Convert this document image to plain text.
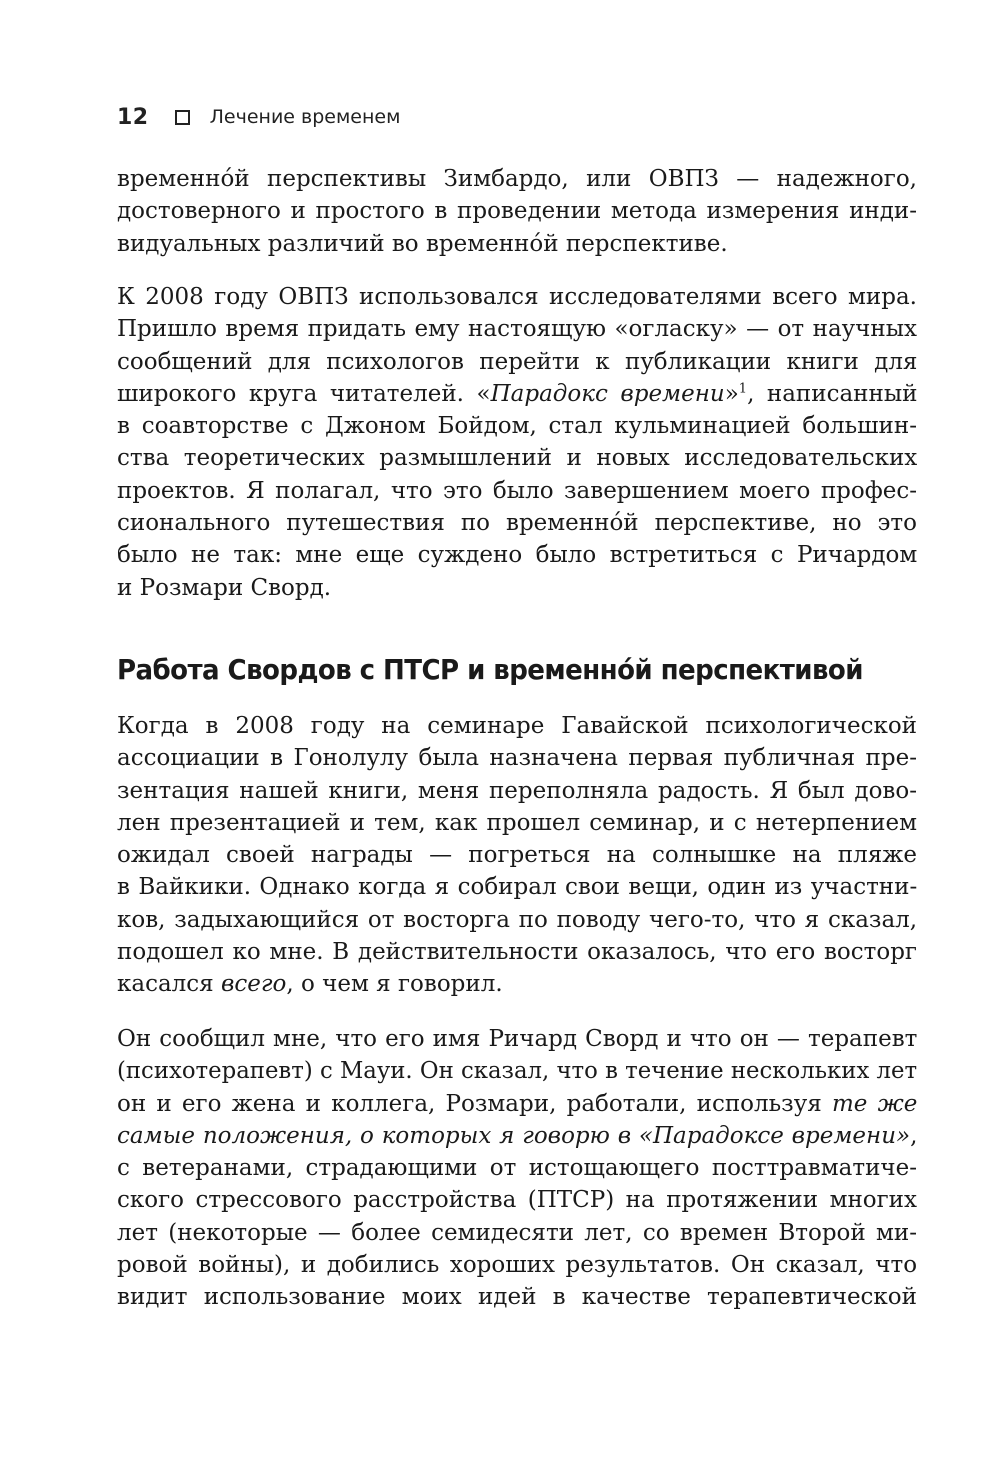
12	Лечение временем
временнóй перспективы Зимбардо, или ОВПЗ — надежного,
достоверного и простого в проведении метода измерения инди-
видуальных различий во временнóй перспективе.
К 2008 году ОВПЗ использовался исследователями всего мира.
Пришло время придать ему настоящую «огласку» — от научных
сообщений для психологов перейти к публикации книги для
широкого круга читателей. «Парадокс времени»$^1$, написанный
в соавторстве с Джоном Бойдом, стал кульминацией большин-
ства теоретических размышлений и новых исследовательских
проектов. Я полагал, что это было завершением моего профес-
сионального путешествия по временнóй перспективе, но это
было не так: мне еще суждено было встретиться с Ричардом
и Розмари Сворд.
Работа Свордов с ПТСР и временнóй перспективой
Когда в 2008 году на семинаре Гавайской психологической
ассоциации в Гонолулу была назначена первая публичная пре-
зентация нашей книги, меня переполняла радость. Я был дово-
лен презентацией и тем, как прошел семинар, и с нетерпением
ожидал своей награды — погреться на солнышке на пляже
в Вайкики. Однако когда я собирал свои вещи, один из участни-
ков, задыхающийся от восторга по поводу чего-то, что я сказал,
подошел ко мне. В действительности оказалось, что его восторг
касался всего, о чем я говорил.
Он сообщил мне, что его имя Ричард Сворд и что он — терапевт
(психотерапевт) с Мауи. Он сказал, что в течение нескольких лет
он и его жена и коллега, Розмари, работали, используя те же
самые положения, о которых я говорю в «Парадоксе времени»,
с ветеранами, страдающими от истощающего посттравматиче-
ского стрессового расстройства (ПТСР) на протяжении многих
лет (некоторые — более семидесяти лет, со времен Второй ми-
ровой войны), и добились хороших результатов. Он сказал, что
видит использование моих идей в качестве терапевтической
